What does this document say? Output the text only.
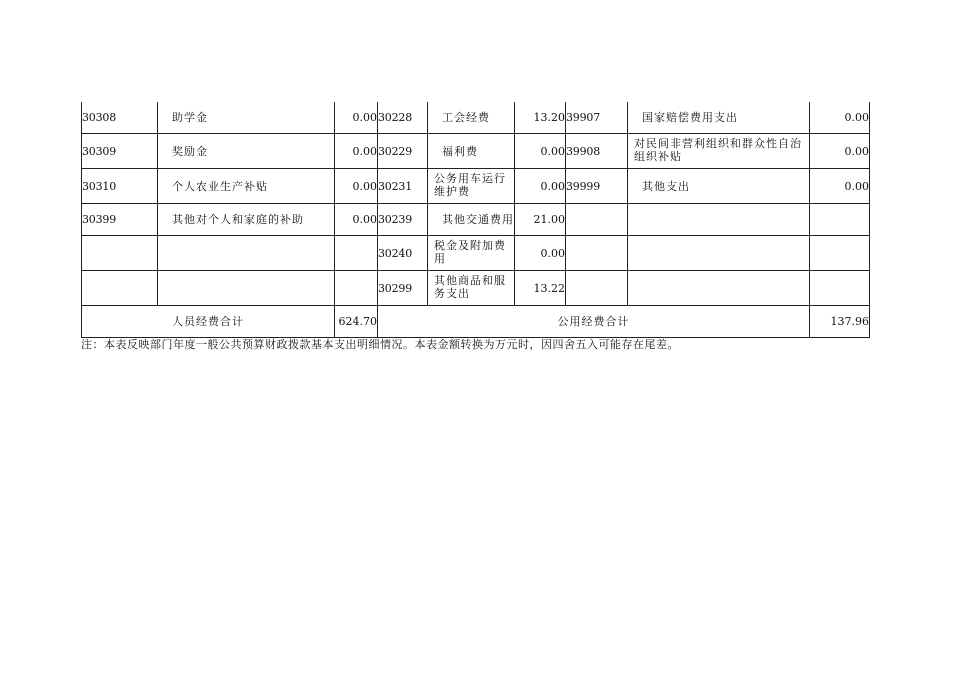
30308	助学金	0.00	30228	工会经费	13.20	39907	国家赔偿费用支出	0.00
30309	奖励金	0.00	30229	福利费	0.00	39908	对民间非营利组织和群众性自治组织补贴	0.00
30310	个人农业生产补贴	0.00	30231	公务用车运行维护费	0.00	39999	其他支出	0.00
30399	其他对个人和家庭的补助	0.00	30239	其他交通费用	21.00			
			30240	税金及附加费用	0.00			
			30299	其他商品和服务支出	13.22			
人员经费合计		624.70	公用经费合计					137.96
注：本表反映部门年度一般公共预算财政拨款基本支出明细情况。本表金额转换为万元时，因四舍五入可能存在尾差。
